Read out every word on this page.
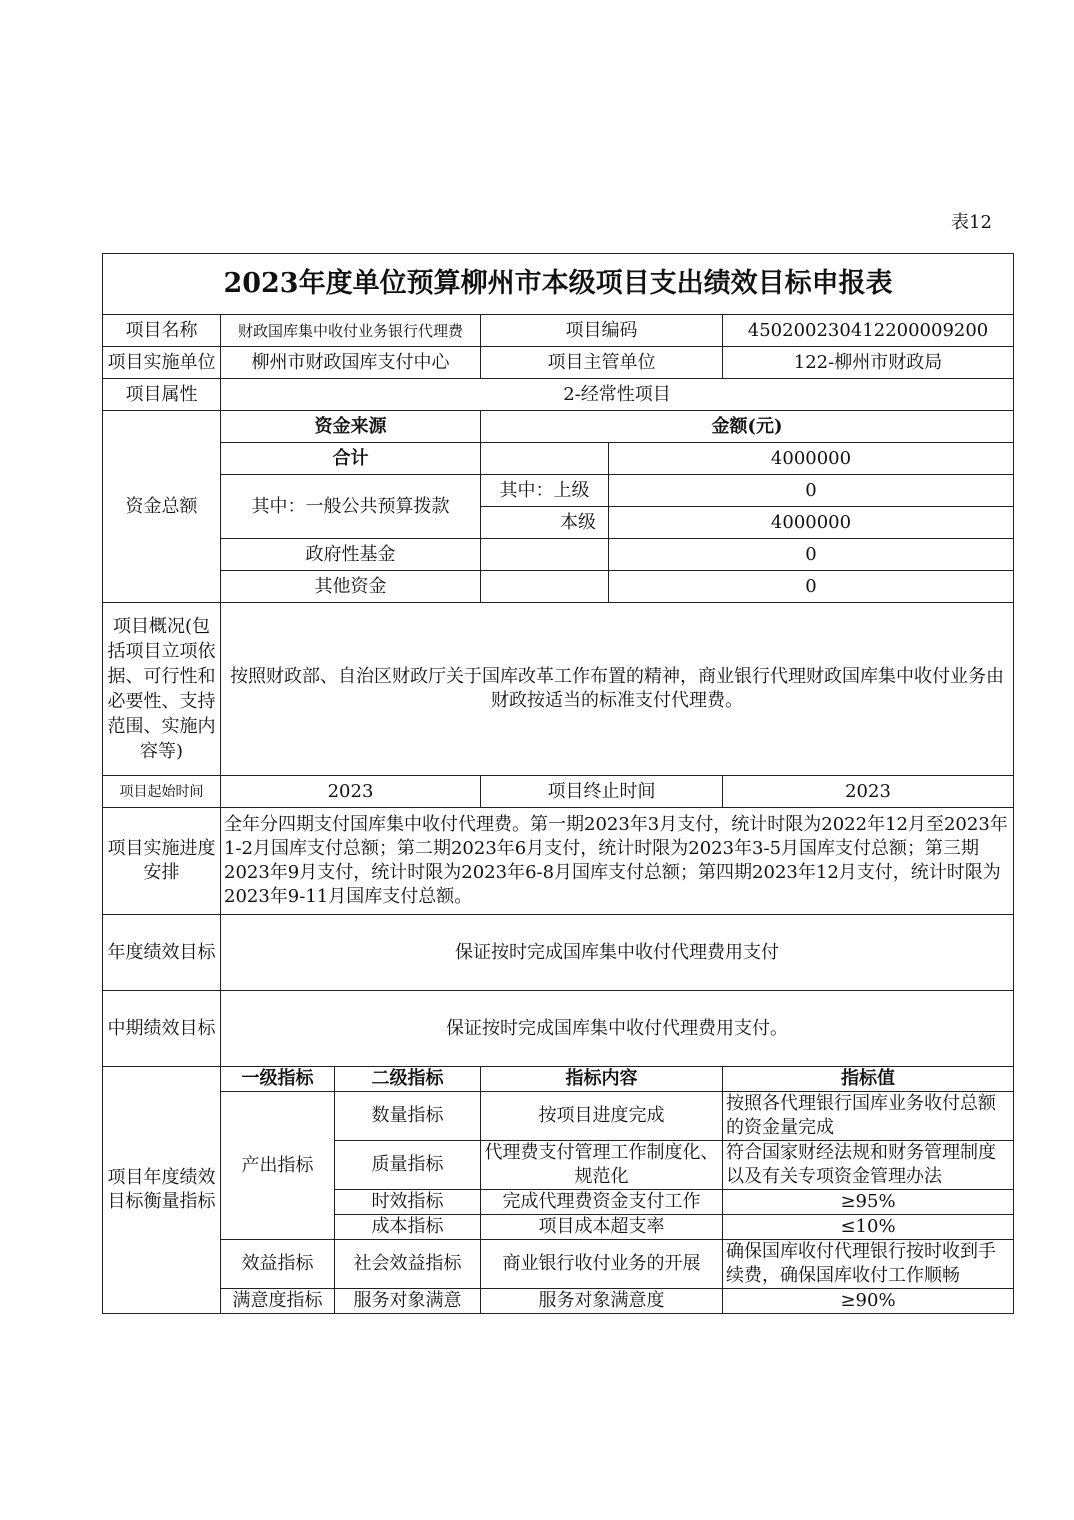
表12
2023年度单位预算柳州市本级项目支出绩效目标申报表					
项目名称	财政国库集中收付业务银行代理费		项目编码		450200230412200009200
项目实施单位	柳州市财政国库支付中心		项目主管单位		122-柳州市财政局
项目属性	2-经常性项目				
资金总额	资金来源		金额(元)		
	合计			4000000	
	其中：一般公共预算拨款		其中：上级	0	
			本级	4000000	
	政府性基金			0	
	其他资金			0	
项目概况(包括项目立项依据、可行性和必要性、支持范围、实施内容等)	按照财政部、自治区财政厅关于国库改革工作布置的精神，商业银行代理财政国库集中收付业务由财政按适当的标准支付代理费。				
项目起始时间	2023		项目终止时间		2023
项目实施进度安排	全年分四期支付国库集中收付代理费。第一期2023年3月支付，统计时限为2022年12月至2023年1-2月国库支付总额；第二期2023年6月支付，统计时限为2023年3-5月国库支付总额；第三期2023年9月支付，统计时限为2023年6-8月国库支付总额；第四期2023年12月支付，统计时限为2023年9-11月国库支付总额。				
年度绩效目标	保证按时完成国库集中收付代理费用支付				
中期绩效目标	保证按时完成国库集中收付代理费用支付。				
项目年度绩效目标衡量指标	一级指标	二级指标	指标内容		指标值
	产出指标	数量指标	按项目进度完成		按照各代理银行国库业务收付总额的资金量完成
		质量指标	代理费支付管理工作制度化、规范化		符合国家财经法规和财务管理制度以及有关专项资金管理办法
		时效指标	完成代理费资金支付工作		≥95%
		成本指标	项目成本超支率		≤10%
	效益指标	社会效益指标	商业银行收付业务的开展		确保国库收付代理银行按时收到手续费，确保国库收付工作顺畅
	满意度指标	服务对象满意	服务对象满意度		≥90%
